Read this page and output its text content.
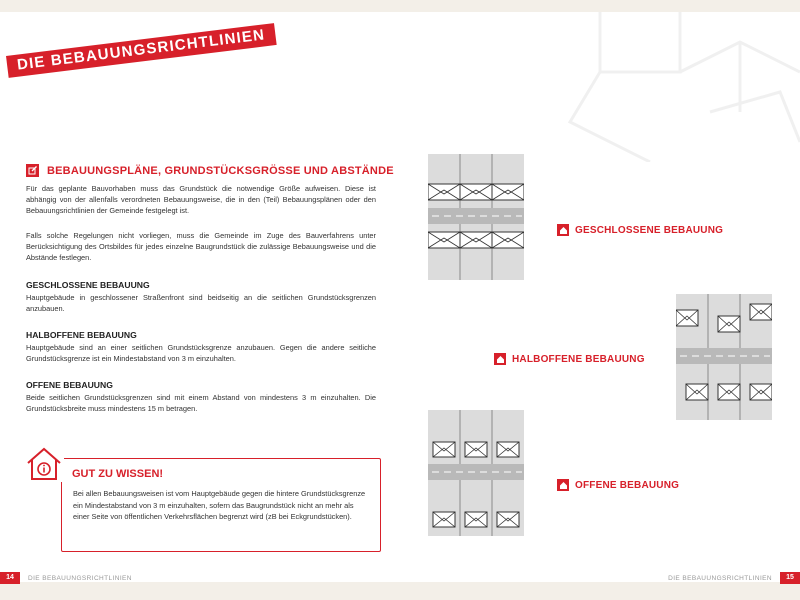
DIE BEBAUUNGSRICHTLINIEN
BEBAUUNGSPLÄNE, GRUNDSTÜCKSGRÖSSE UND ABSTÄNDE
Für das geplante Bauvorhaben muss das Grundstück die notwendige Größe aufweisen. Diese ist abhängig von der allenfalls verordneten Bebauungsweise, die in den (Teil) Bebauungsplänen oder den Bebauungsrichtlinien der Gemeinde festgelegt ist.
Falls solche Regelungen nicht vorliegen, muss die Gemeinde im Zuge des Bauverfahrens unter Berücksichtigung des Ortsbildes für jedes einzelne Baugrundstück die zulässige Bebauungsweise und die Abstände festlegen.
GESCHLOSSENE BEBAUUNG
Hauptgebäude in geschlossener Straßenfront sind beidseitig an die seitlichen Grundstücksgrenzen anzubauen.
HALBOFFENE BEBAUUNG
Hauptgebäude sind an einer seitlichen Grundstücksgrenze anzubauen. Gegen die andere seitliche Grundstücksgrenze ist ein Mindestabstand von 3 m einzuhalten.
OFFENE BEBAUUNG
Beide seitlichen Grundstücksgrenzen sind mit einem Abstand von mindestens 3 m einzuhalten. Die Grundstücksbreite muss mindestens 15 m betragen.
GUT ZU WISSEN!
Bei allen Bebauungsweisen ist vom Hauptgebäude gegen die hintere Grundstücksgrenze ein Mindestabstand von 3 m einzuhalten, sofern das Baugrundstück nicht an mehr als einer Seite von öffentlichen Verkehrsflächen begrenzt wird (zB bei Eckgrundstücken).
GESCHLOSSENE BEBAUUNG
HALBOFFENE BEBAUUNG
OFFENE BEBAUUNG
14	DIE BEBAUUNGSRICHTLINIEN	DIE BEBAUUNGSRICHTLINIEN	15
